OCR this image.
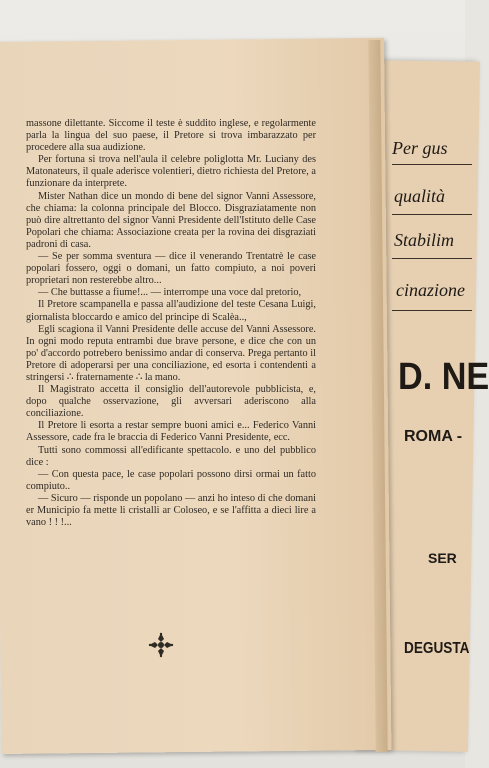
Per gus
qualità
Stabilim
cinazione
D. NE
ROMA -
SER
DEGUSTA

massone dilettante. Siccome il teste è suddito inglese, e regolarmente parla la lingua del suo paese, il Pretore si trova imbarazzato per procedere alla sua audizione.

Per fortuna si trova nell'aula il celebre poliglotta Mr. Luciany des Matonateurs, il quale aderisce volentieri, dietro richiesta del Pretore, a funzionare da interprete.

Mister Nathan dice un mondo di bene del signor Vanni Assessore, che chiama: la colonna principale del Blocco. Disgraziatamente non può dire altrettanto del signor Vanni Presidente dell'Istituto delle Case Popolari che chiama: Associazione creata per la rovina dei disgraziati padroni di casa.

— Se per somma sventura — dice il venerando Trentatrè le case popolari fossero, oggi o domani, un fatto compiuto, a noi poveri proprietari non resterebbe altro...

— Che buttasse a fiume!... — interrompe una voce dal pretorio,

Il Pretore scampanella e passa all'audizione del teste Cesana Luigi, giornalista bloccardo e amico del principe di Scalèa..,

Egli scagiona il Vanni Presidente delle accuse del Vanni Assessore. In ogni modo reputa entrambi due brave persone, e dice che con un po' d'accordo potrebero benissimo andar di conserva. Prega pertanto il Pretore di adoperarsi per una conciliazione, ed esorta i contendenti a stringersi ∴ fraternamente ∴ la mano.

Il Magistrato accetta il consiglio dell'autorevole pubblicista, e, dopo qualche osservazione, gli avversari aderiscono alla conciliazione.

Il Pretore li esorta a restar sempre buoni amici e... Federico Vanni Assessore, cade fra le braccia di Federico Vanni Presidente, ecc.

Tutti sono commossi all'edificante spettacolo. e uno del pubblico dice :

— Con questa pace, le case popolari possono dirsi ormai un fatto compiuto..

— Sicuro — risponde un popolano — anzi ho inteso di che domani er Municipio fa mette li cristalli ar Coloseo, e se l'affitta a dieci lire a vano ! ! !...
